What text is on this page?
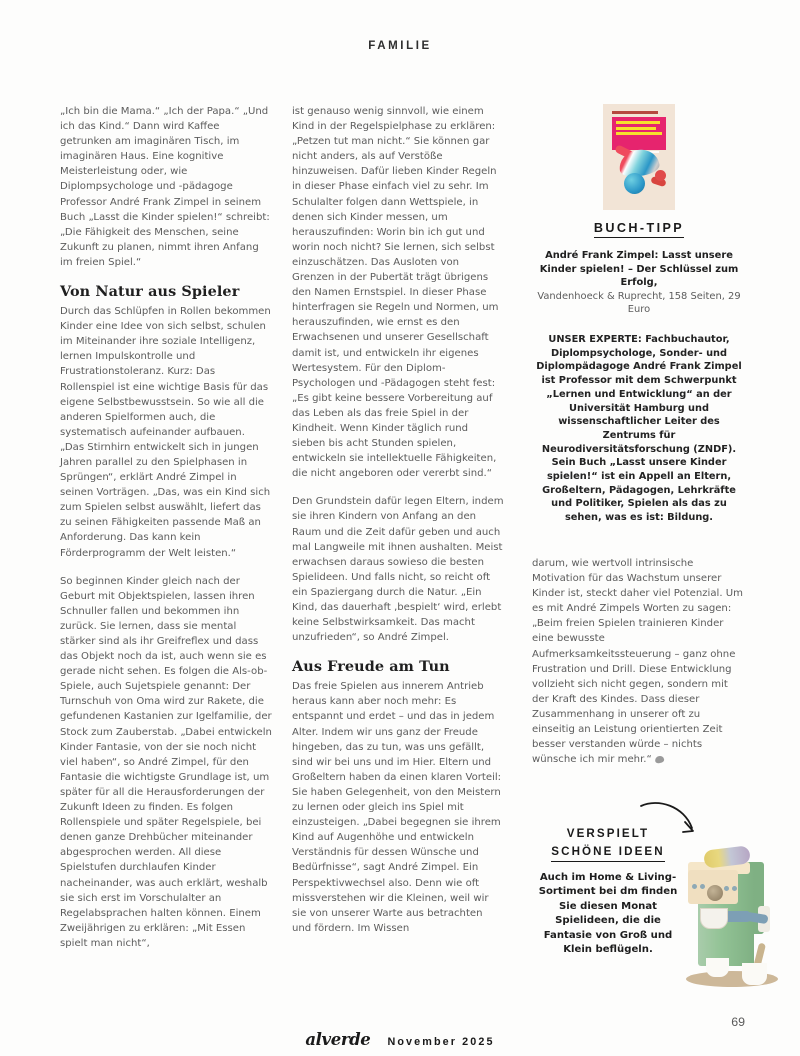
FAMILIE

„Ich bin die Mama.“ „Ich der Papa.“ „Und ich das Kind.“ Dann wird Kaffee getrunken am imaginären Tisch, im imaginären Haus. Eine kognitive Meisterleistung oder, wie Diplompsychologe und -pädagoge Professor André Frank Zimpel in seinem Buch „Lasst die Kinder spielen!“ schreibt: „Die Fähigkeit des Menschen, seine Zukunft zu planen, nimmt ihren Anfang im freien Spiel.“

Von Natur aus Spieler

Durch das Schlüpfen in Rollen bekommen Kinder eine Idee von sich selbst, schulen im Miteinander ihre soziale Intelligenz, lernen Impulskontrolle und Frustrationstoleranz. Kurz: Das Rollenspiel ist eine wichtige Basis für das eigene Selbstbewusstsein. So wie all die anderen Spielformen auch, die systematisch aufeinander aufbauen. „Das Stirnhirn entwickelt sich in jungen Jahren parallel zu den Spielphasen in Sprüngen“, erklärt André Zimpel in seinen Vorträgen. „Das, was ein Kind sich zum Spielen selbst auswählt, liefert das zu seinen Fähigkeiten passende Maß an Anforderung. Das kann kein Förderprogramm der Welt leisten.“

So beginnen Kinder gleich nach der Geburt mit Objektspielen, lassen ihren Schnuller fallen und bekommen ihn zurück. Sie lernen, dass sie mental stärker sind als ihr Greifreflex und dass das Objekt noch da ist, auch wenn sie es gerade nicht sehen. Es folgen die Als-ob-Spiele, auch Sujetspiele genannt: Der Turnschuh von Oma wird zur Rakete, die gefundenen Kastanien zur Igelfamilie, der Stock zum Zauberstab. „Dabei entwickeln Kinder Fantasie, von der sie noch nicht viel haben“, so André Zimpel, für den Fantasie die wichtigste Grundlage ist, um später für all die Herausforderungen der Zukunft Ideen zu finden. Es folgen Rollenspiele und später Regelspiele, bei denen ganze Drehbücher miteinander abgesprochen werden. All diese Spielstufen durchlaufen Kinder nacheinander, was auch erklärt, weshalb sie sich erst im Vorschulalter an Regelabsprachen halten können. Einem Zweijährigen zu erklären: „Mit Essen spielt man nicht“,

ist genauso wenig sinnvoll, wie einem Kind in der Regelspielphase zu erklären: „Petzen tut man nicht.“ Sie können gar nicht anders, als auf Verstöße hinzuweisen. Dafür lieben Kinder Regeln in dieser Phase einfach viel zu sehr. Im Schulalter folgen dann Wettspiele, in denen sich Kinder messen, um herauszufinden: Worin bin ich gut und worin noch nicht? Sie lernen, sich selbst einzuschätzen. Das Ausloten von Grenzen in der Pubertät trägt übrigens den Namen Ernstspiel. In dieser Phase hinterfragen sie Regeln und Normen, um herauszufinden, wie ernst es den Erwachsenen und unserer Gesellschaft damit ist, und entwickeln ihr eigenes Wertesystem. Für den Diplom-Psychologen und -Pädagogen steht fest: „Es gibt keine bessere Vorbereitung auf das Leben als das freie Spiel in der Kindheit. Wenn Kinder täglich rund sieben bis acht Stunden spielen, entwickeln sie intellektuelle Fähigkeiten, die nicht angeboren oder vererbt sind.“

Den Grundstein dafür legen Eltern, indem sie ihren Kindern von Anfang an den Raum und die Zeit dafür geben und auch mal Langweile mit ihnen aushalten. Meist erwachsen daraus sowieso die besten Spielideen. Und falls nicht, so reicht oft ein Spaziergang durch die Natur. „Ein Kind, das dauerhaft ‚bespielt‘ wird, erlebt keine Selbstwirksamkeit. Das macht unzufrieden“, so André Zimpel.

Aus Freude am Tun

Das freie Spielen aus innerem Antrieb heraus kann aber noch mehr: Es entspannt und erdet – und das in jedem Alter. Indem wir uns ganz der Freude hingeben, das zu tun, was uns gefällt, sind wir bei uns und im Hier. Eltern und Großeltern haben da einen klaren Vorteil: Sie haben Gelegenheit, von den Meistern zu lernen oder gleich ins Spiel mit einzusteigen. „Dabei begegnen sie ihrem Kind auf Augenhöhe und entwickeln Verständnis für dessen Wünsche und Bedürfnisse“, sagt André Zimpel. Ein Perspektivwechsel also. Denn wie oft missverstehen wir die Kleinen, weil wir sie von unserer Warte aus betrachten und fördern. Im Wissen

darum, wie wertvoll intrinsische Motivation für das Wachstum unserer Kinder ist, steckt daher viel Potenzial. Um es mit André Zimpels Worten zu sagen: „Beim freien Spielen trainieren Kinder eine bewusste Aufmerksamkeitssteuerung – ganz ohne Frustration und Drill. Diese Entwicklung vollzieht sich nicht gegen, sondern mit der Kraft des Kindes. Dass dieser Zusammenhang in unserer oft zu einseitig an Leistung orientierten Zeit besser verstanden würde – nichts wünsche ich mir mehr.“

BUCH-TIPP
André Frank Zimpel: Lasst unsere Kinder spielen! – Der Schlüssel zum Erfolg,
Vandenhoeck & Ruprecht, 158 Seiten, 29 Euro
UNSER EXPERTE: Fachbuchautor, Diplompsychologe, Sonder- und Diplompädagoge André Frank Zimpel ist Professor mit dem Schwerpunkt „Lernen und Entwicklung“ an der Universität Hamburg und wissenschaftlicher Leiter des Zentrums für Neurodiversitätsforschung (ZNDF). Sein Buch „Lasst unsere Kinder spielen!“ ist ein Appell an Eltern, Großeltern, Pädagogen, Lehrkräfte und Politiker, Spielen als das zu sehen, was es ist: Bildung.
VERSPIELT
SCHÖNE IDEEN
Auch im Home & Living-Sortiment bei dm finden Sie diesen Monat Spielideen, die die Fantasie von Groß und Klein beflügeln.
alverde November 2025
69
